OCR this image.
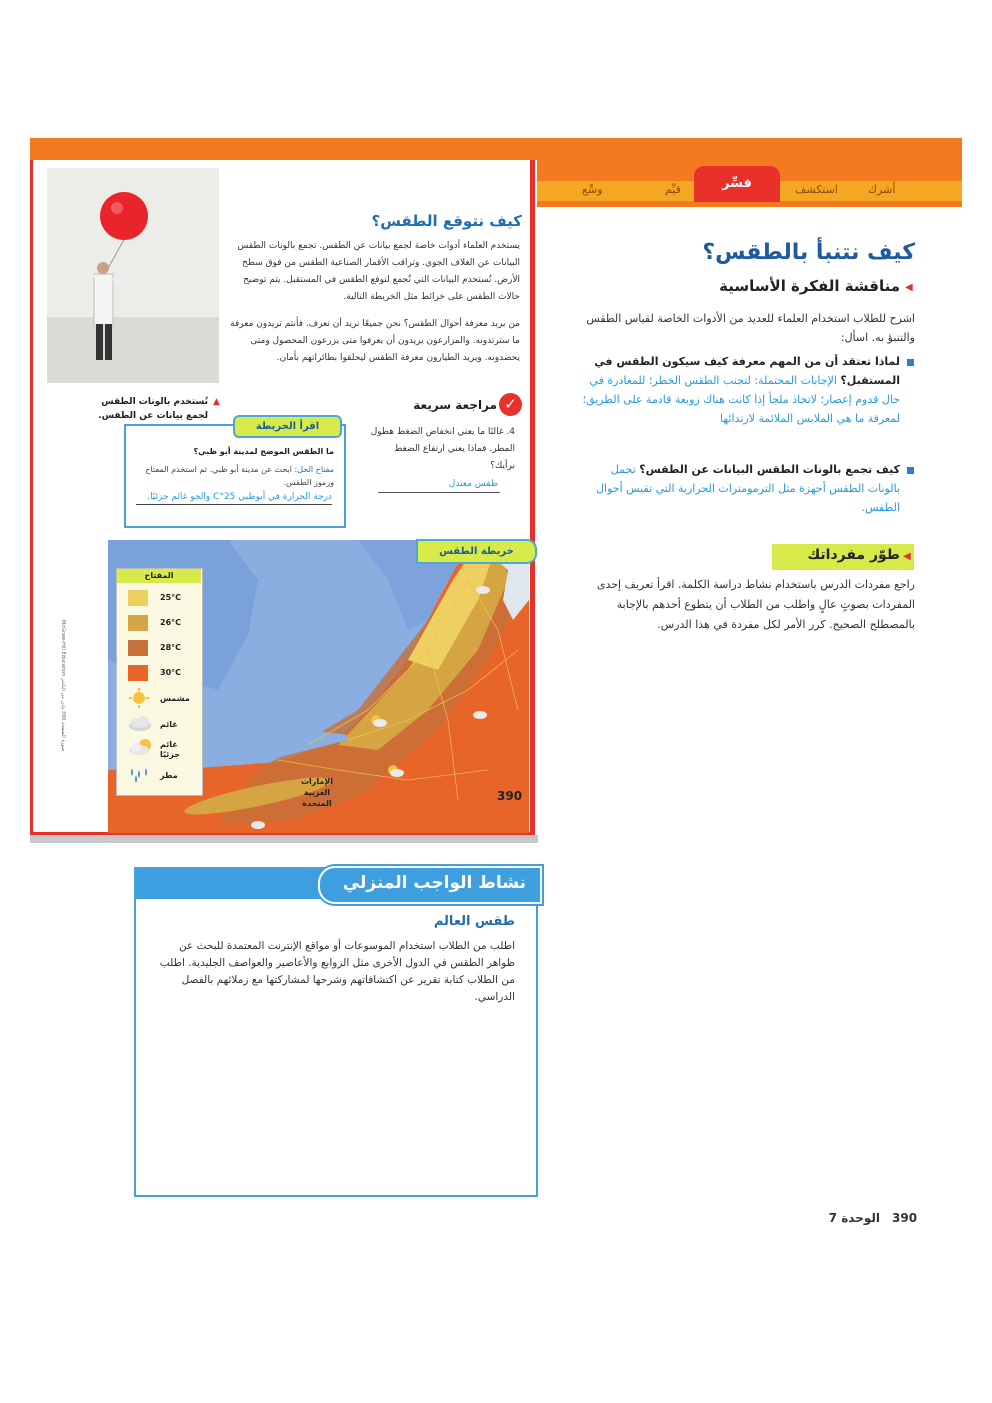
أشرك
استكشف
فسِّر
قيِّم
وسِّع
كيف نتوقع الطقس؟
يستخدم العلماء أدوات خاصة لجمع بيانات عن الطقس. تجمع بالونات الطقس البيانات عن الغلاف الجوي. وتراقب الأقمار الصناعية الطقس من فوق سطح الأرض. تُستخدم البيانات التي تُجمع لتوقع الطقس في المستقبل. يتم توضيح حالات الطقس على خرائط مثل الخريطة التالية.
من يريد معرفة أحوال الطقس؟ نحن جميعًا نريد أن نعرف. فأنتم تريدون معرفة ما سترتدونه. والمزارعون يريدون أن يعرفوا متى يزرعون المحصول ومتى يحصدونه. ويريد الطيارون معرفة الطقس ليحلقوا بطائراتهم بأمان.
▲
تُستخدم بالونات الطقس لجمع بيانات عن الطقس.
✓
مراجعة سريعة
4. غالبًا ما يعني انخفاض الضغط هطول المطر. فماذا يعني ارتفاع الضغط برأيك؟
طقس معتدل
اقرأ الخريطة
ما الطقس الموضح لمدينة أبو ظبي؟
مفتاح الحل: ابحث عن مدينة أبو ظبي. ثم استخدم المفتاح ورموز الطقس.
درجة الحرارة في أبوظبي 25°C والجو غائم جزئيًا.
خريطة الطقس
المفتاح
25°C
26°C
28°C
30°C
مشمس
غائم
غائم جزئيًا
مطر
الإمارات العربية المتحدة
390
McGraw-Hill Education صورة الصفحة 390 بإذن من الناشر
كيف نتنبأ بالطقس؟
◀
مناقشة الفكرة الأساسية
اشرح للطلاب استخدام العلماء للعديد من الأدوات الخاصة لقياس الطقس والتنبؤ به. اسأل:
لماذا تعتقد أن من المهم معرفة كيف سيكون الطقس في المستقبل؟ الإجابات المحتملة: لتجنب الطقس الخطر؛ للمغادرة في حال قدوم إعصار؛ لاتخاذ ملجأ إذا كانت هناك زوبعة قادمة على الطريق؛ لمعرفة ما هي الملابس الملائمة لارتدائها
كيف تجمع بالونات الطقس البيانات عن الطقس؟ تحمل بالونات الطقس أجهزة مثل الترمومترات الحرارية التي تقيس أحوال الطقس.
◀
طوّر مفرداتك
راجع مفردات الدرس باستخدام نشاط دراسة الكلمة. اقرأ تعريف إحدى المفردات بصوتٍ عالٍ واطلب من الطلاب أن يتطوع أحدهم بالإجابة بالمصطلح الصحيح. كرر الأمر لكل مفردة في هذا الدرس.
نشاط الواجب المنزلي
طقس العالم
اطلب من الطلاب استخدام الموسوعات أو مواقع الإنترنت المعتمدة للبحث عن ظواهر الطقس في الدول الأخرى مثل الزوابع والأعاصير والعواصف الجليدية. اطلب من الطلاب كتابة تقرير عن اكتشافاتهم وشرحها لمشاركتها مع زملائهم بالفصل الدراسي.
390
الوحدة 7
